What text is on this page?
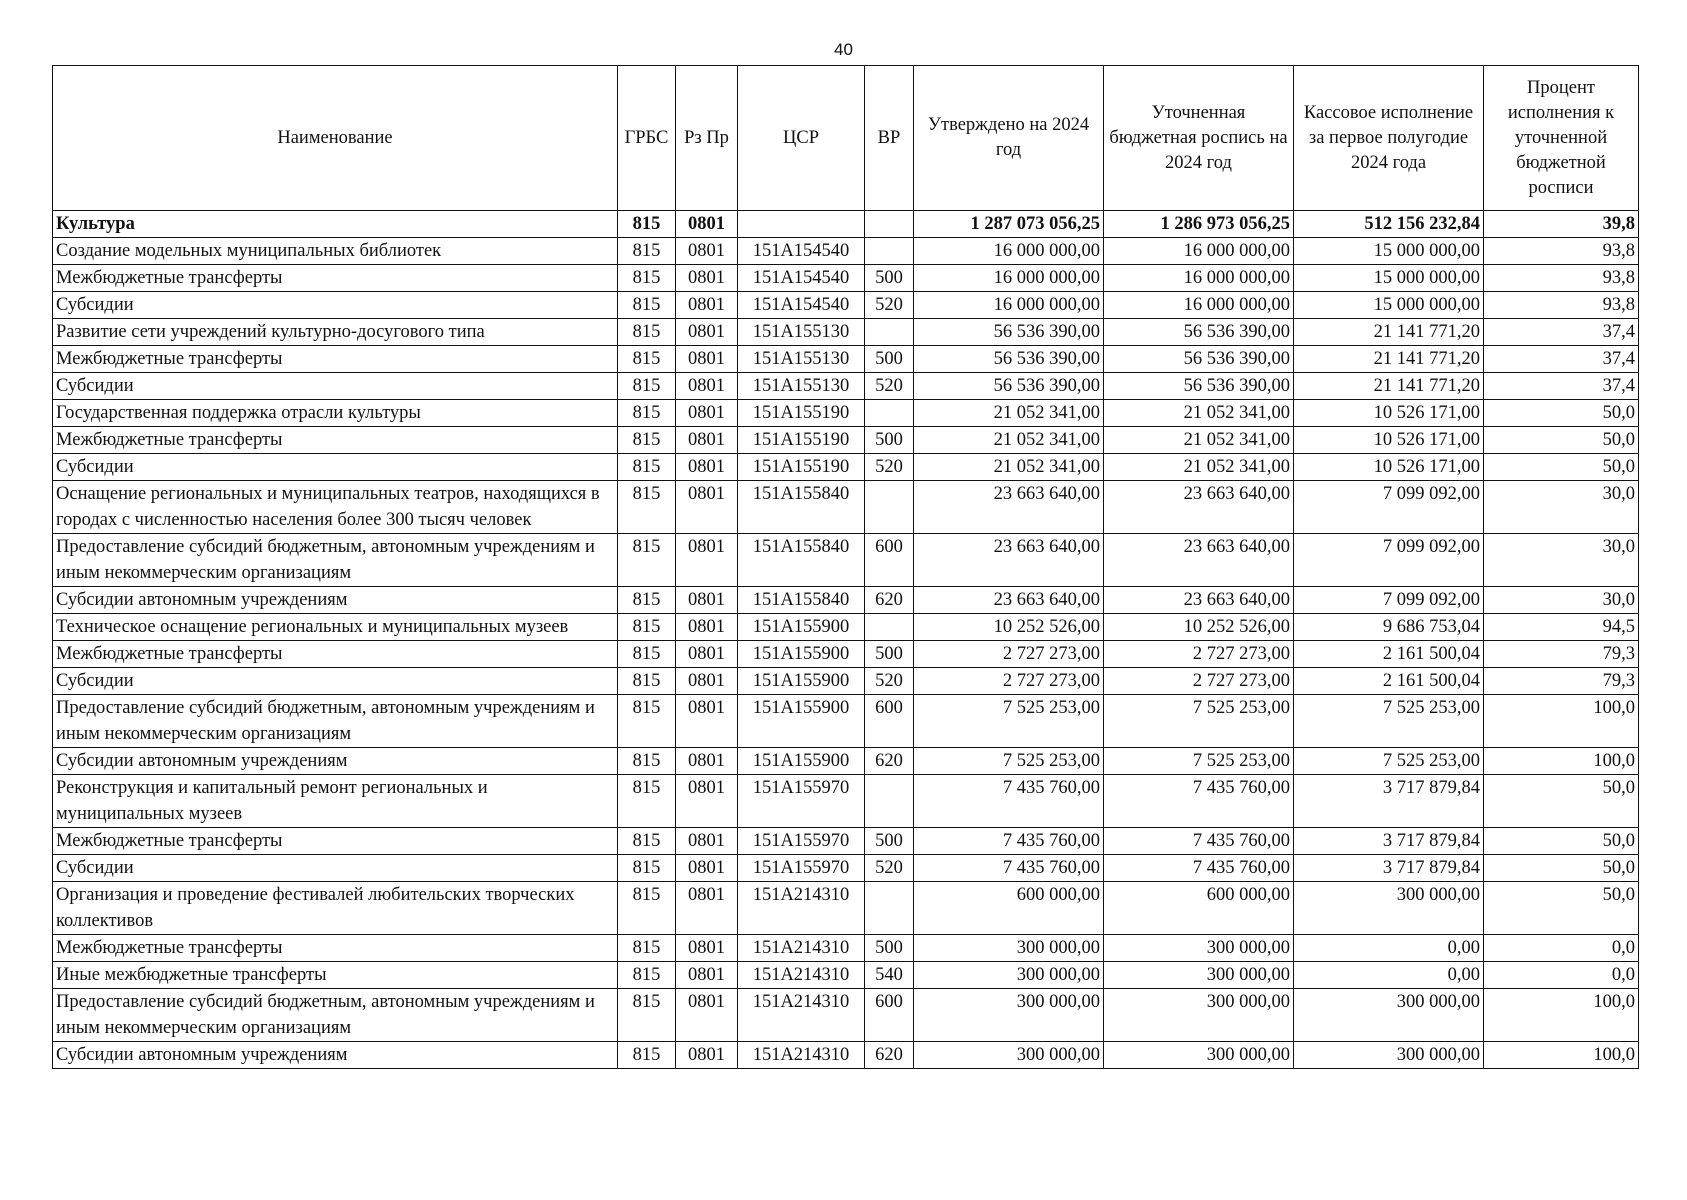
40
Наименование	ГРБС	Рз Пр	ЦСР	ВР	Утверждено на 2024 год	Уточненная бюджетная роспись на 2024 год	Кассовое исполнение за первое полугодие 2024 года	Процент исполнения к уточненной бюджетной росписи
Культура	815	0801			1 287 073 056,25	1 286 973 056,25	512 156 232,84	39,8
Создание модельных муниципальных библиотек	815	0801	151A154540		16 000 000,00	16 000 000,00	15 000 000,00	93,8
Межбюджетные трансферты	815	0801	151A154540	500	16 000 000,00	16 000 000,00	15 000 000,00	93,8
Субсидии	815	0801	151A154540	520	16 000 000,00	16 000 000,00	15 000 000,00	93,8
Развитие сети учреждений культурно-досугового типа	815	0801	151A155130		56 536 390,00	56 536 390,00	21 141 771,20	37,4
Межбюджетные трансферты	815	0801	151A155130	500	56 536 390,00	56 536 390,00	21 141 771,20	37,4
Субсидии	815	0801	151A155130	520	56 536 390,00	56 536 390,00	21 141 771,20	37,4
Государственная поддержка отрасли культуры	815	0801	151A155190		21 052 341,00	21 052 341,00	10 526 171,00	50,0
Межбюджетные трансферты	815	0801	151A155190	500	21 052 341,00	21 052 341,00	10 526 171,00	50,0
Субсидии	815	0801	151A155190	520	21 052 341,00	21 052 341,00	10 526 171,00	50,0
Оснащение региональных и муниципальных театров, находящихся в городах с численностью населения более 300 тысяч человек	815	0801	151A155840		23 663 640,00	23 663 640,00	7 099 092,00	30,0
Предоставление субсидий бюджетным, автономным учреждениям и иным некоммерческим организациям	815	0801	151A155840	600	23 663 640,00	23 663 640,00	7 099 092,00	30,0
Субсидии автономным учреждениям	815	0801	151A155840	620	23 663 640,00	23 663 640,00	7 099 092,00	30,0
Техническое оснащение региональных и муниципальных музеев	815	0801	151A155900		10 252 526,00	10 252 526,00	9 686 753,04	94,5
Межбюджетные трансферты	815	0801	151A155900	500	2 727 273,00	2 727 273,00	2 161 500,04	79,3
Субсидии	815	0801	151A155900	520	2 727 273,00	2 727 273,00	2 161 500,04	79,3
Предоставление субсидий бюджетным, автономным учреждениям и иным некоммерческим организациям	815	0801	151A155900	600	7 525 253,00	7 525 253,00	7 525 253,00	100,0
Субсидии автономным учреждениям	815	0801	151A155900	620	7 525 253,00	7 525 253,00	7 525 253,00	100,0
Реконструкция и капитальный ремонт региональных и муниципальных музеев	815	0801	151A155970		7 435 760,00	7 435 760,00	3 717 879,84	50,0
Межбюджетные трансферты	815	0801	151A155970	500	7 435 760,00	7 435 760,00	3 717 879,84	50,0
Субсидии	815	0801	151A155970	520	7 435 760,00	7 435 760,00	3 717 879,84	50,0
Организация и проведение фестивалей любительских творческих коллективов	815	0801	151A214310		600 000,00	600 000,00	300 000,00	50,0
Межбюджетные трансферты	815	0801	151A214310	500	300 000,00	300 000,00	0,00	0,0
Иные межбюджетные трансферты	815	0801	151A214310	540	300 000,00	300 000,00	0,00	0,0
Предоставление субсидий бюджетным, автономным учреждениям и иным некоммерческим организациям	815	0801	151A214310	600	300 000,00	300 000,00	300 000,00	100,0
Субсидии автономным учреждениям	815	0801	151A214310	620	300 000,00	300 000,00	300 000,00	100,0
